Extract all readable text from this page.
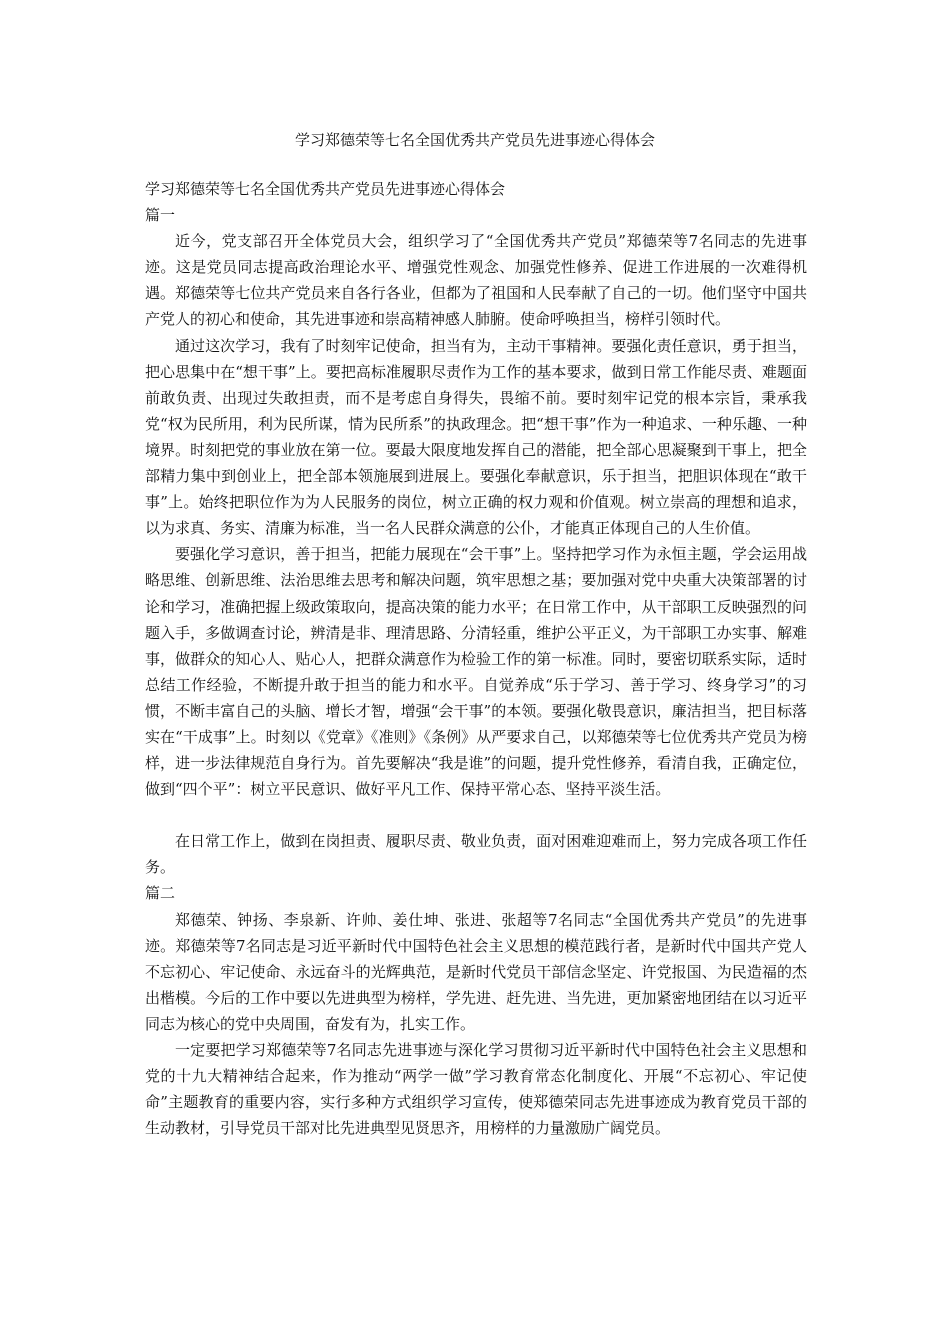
学习郑德荣等七名全国优秀共产党员先进事迹心得体会

学习郑德荣等七名全国优秀共产党员先进事迹心得体会

篇一

近今，党支部召开全体党员大会，组织学习了“全国优秀共产党员”郑德荣等7名同志的先进事迹。这是党员同志提高政治理论水平、增强党性观念、加强党性修养、促进工作进展的一次难得机遇。郑德荣等七位共产党员来自各行各业，但都为了祖国和人民奉献了自己的一切。他们坚守中国共产党人的初心和使命，其先进事迹和崇高精神感人肺腑。使命呼唤担当，榜样引领时代。

通过这次学习，我有了时刻牢记使命，担当有为，主动干事精神。要强化责任意识，勇于担当，把心思集中在“想干事”上。要把高标准履职尽责作为工作的基本要求，做到日常工作能尽责、难题面前敢负责、出现过失敢担责，而不是考虑自身得失，畏缩不前。要时刻牢记党的根本宗旨，秉承我党“权为民所用，利为民所谋，情为民所系”的执政理念。把“想干事”作为一种追求、一种乐趣、一种境界。时刻把党的事业放在第一位。要最大限度地发挥自己的潜能，把全部心思凝聚到干事上，把全部精力集中到创业上，把全部本领施展到进展上。要强化奉献意识，乐于担当，把胆识体现在“敢干事”上。始终把职位作为为人民服务的岗位，树立正确的权力观和价值观。树立崇高的理想和追求，以为求真、务实、清廉为标准，当一名人民群众满意的公仆，才能真正体现自己的人生价值。

要强化学习意识，善于担当，把能力展现在“会干事”上。坚持把学习作为永恒主题，学会运用战略思维、创新思维、法治思维去思考和解决问题，筑牢思想之基；要加强对党中央重大决策部署的讨论和学习，准确把握上级政策取向，提高决策的能力水平；在日常工作中，从干部职工反映强烈的问题入手，多做调查讨论，辨清是非、理清思路、分清轻重，维护公平正义，为干部职工办实事、解难事，做群众的知心人、贴心人，把群众满意作为检验工作的第一标准。同时，要密切联系实际，适时总结工作经验，不断提升敢于担当的能力和水平。自觉养成“乐于学习、善于学习、终身学习”的习惯，不断丰富自己的头脑、增长才智，增强“会干事”的本领。要强化敬畏意识，廉洁担当，把目标落实在“干成事”上。时刻以《党章》《准则》《条例》从严要求自己，以郑德荣等七位优秀共产党员为榜样，进一步法律规范自身行为。首先要解决“我是谁”的问题，提升党性修养，看清自我，正确定位，做到“四个平”：树立平民意识、做好平凡工作、保持平常心态、坚持平淡生活。

在日常工作上，做到在岗担责、履职尽责、敬业负责，面对困难迎难而上，努力完成各项工作任务。

篇二

郑德荣、钟扬、李泉新、许帅、姜仕坤、张进、张超等7名同志“全国优秀共产党员”的先进事迹。郑德荣等7名同志是习近平新时代中国特色社会主义思想的模范践行者，是新时代中国共产党人不忘初心、牢记使命、永远奋斗的光辉典范，是新时代党员干部信念坚定、许党报国、为民造福的杰出楷模。今后的工作中要以先进典型为榜样，学先进、赶先进、当先进，更加紧密地团结在以习近平同志为核心的党中央周围，奋发有为，扎实工作。

一定要把学习郑德荣等7名同志先进事迹与深化学习贯彻习近平新时代中国特色社会主义思想和党的十九大精神结合起来，作为推动“两学一做”学习教育常态化制度化、开展“不忘初心、牢记使命”主题教育的重要内容，实行多种方式组织学习宣传，使郑德荣同志先进事迹成为教育党员干部的生动教材，引导党员干部对比先进典型见贤思齐，用榜样的力量激励广阔党员。
